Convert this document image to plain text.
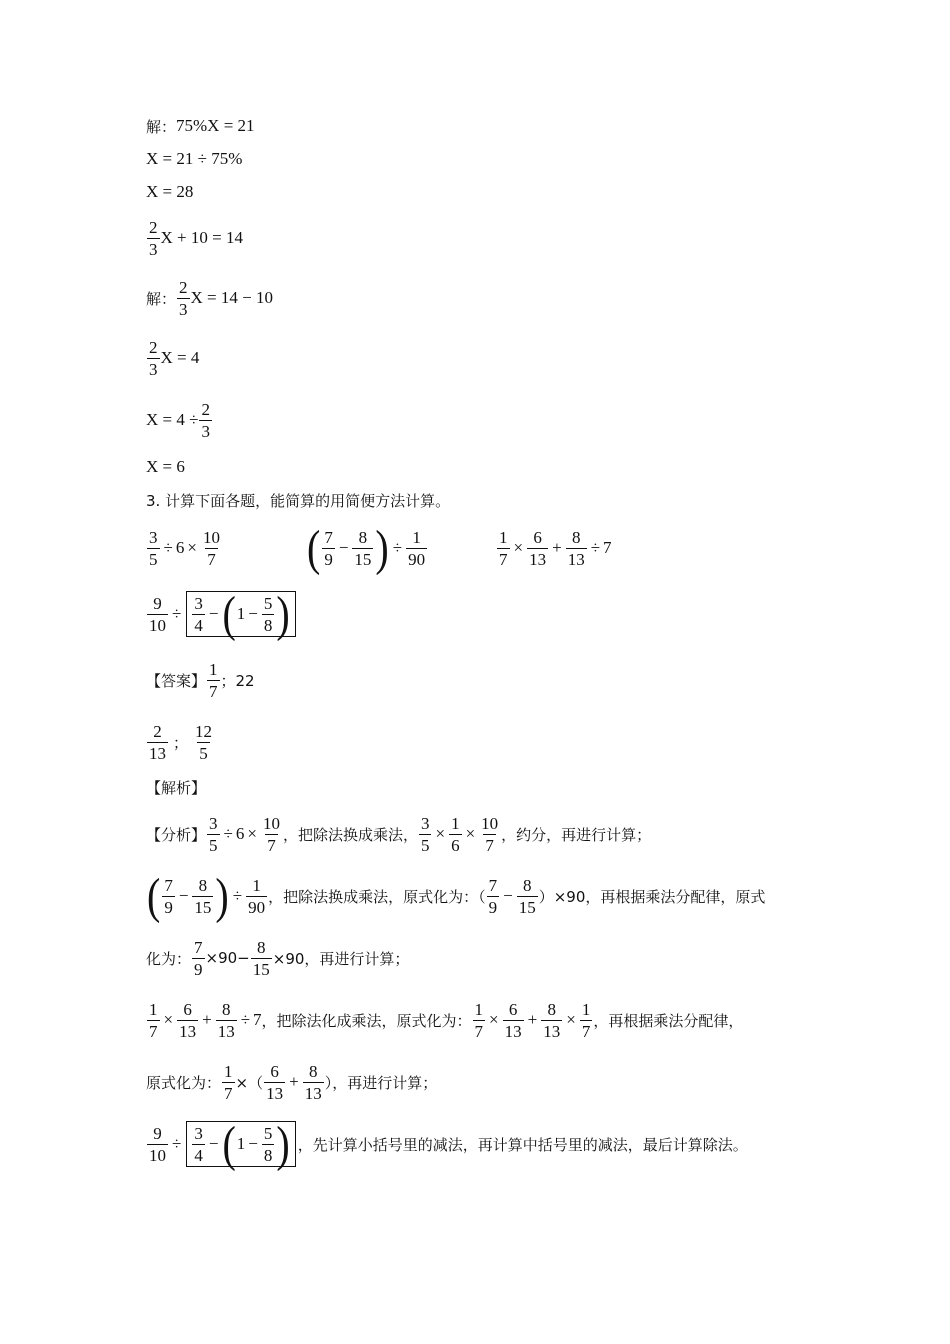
解： 75%X = 21
X = 21 ÷ 75%
X = 28
2
3
X + 10 = 14
解：
2
3
X = 14 − 10
2
3
X = 4
$X = 4 \div \frac{2}{3}$
X = 6
3. 计算下面各题，能简算的用简便方法计算。
$\frac{3}{5} \div 6 \times \frac{10}{7}$ ( 7
9
− $\frac{8}{15}$ ) ÷ $\frac{1}{90}$	$\frac{1}{7} \times \frac{6}{13} + \frac{8}{13} \div 7$
$\frac{9}{10}$ ÷
3
4
− ( $1 - \frac{5}{8}$ )
【答案】
1
7
；22
2
13
；
12
5
【解析】
【分析】 $\frac{3}{5} \div 6 \times \frac{10}{7}$ ，把除法换成乘法， $\frac{3}{5} \times \frac{1}{6} \times \frac{10}{7}$ ，约分，再进行计算；
( 7
9
− $\frac{8}{15}$ ) ÷ $\frac{1}{90}$ ，把除法换成乘法，原式化为：（
7
9
− $\frac{8}{15} )\times 90$，再根据乘法分配律，原式
化为： $\frac{7}{9} \times 90- \frac{8}{15} \times 90$，再进行计算；
$\frac{1}{7} \times \frac{6}{13} + \frac{8}{13} \div 7$ ，把除法化成乘法，原式化为： $\frac{1}{7} \times \frac{6}{13} + \frac{8}{13} \times \frac{1}{7}$ ，再根据乘法分配律，
原式化为： $\frac{1}{7}$ ×（
6
13
+ $\frac{8}{13}$ ），再进行计算；
$\frac{9}{10}$ ÷
3
4
− ( $1 - \frac{5}{8}$ ) ，先计算小括号里的减法，再计算中括号里的减法，最后计算除法。
